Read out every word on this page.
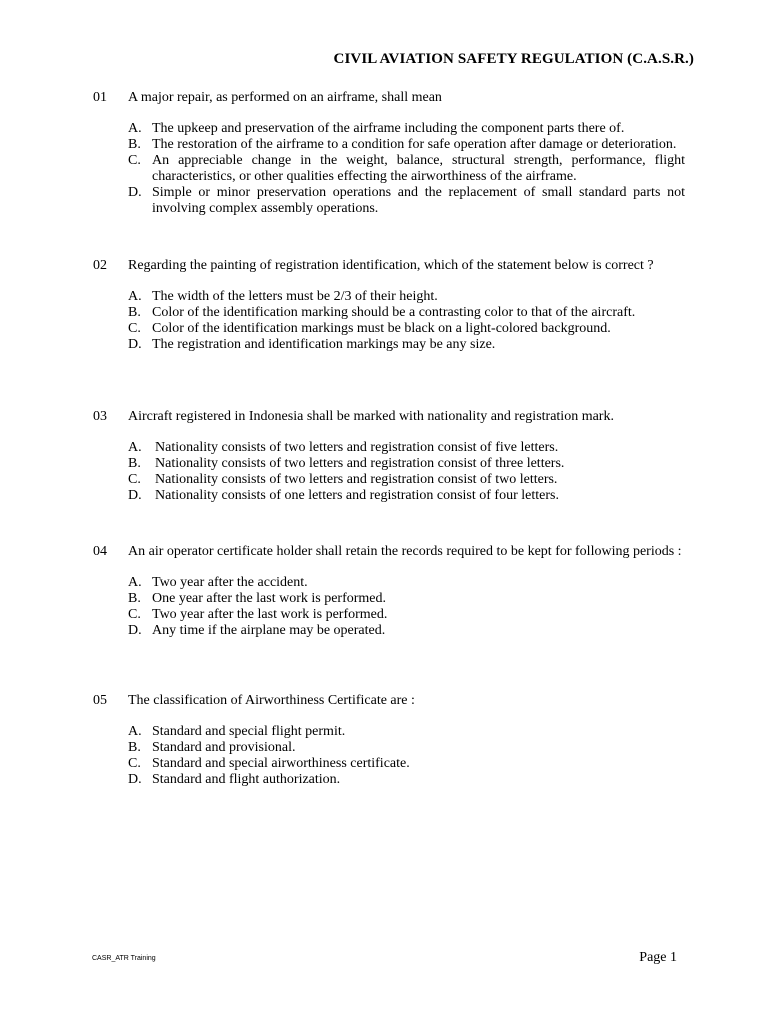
CIVIL AVIATION SAFETY REGULATION (C.A.S.R.)
01 A major repair, as performed on an airframe, shall mean
A. The upkeep and preservation of the airframe including the component parts there of.
B. The restoration of the airframe to a condition for safe operation after damage or deterioration.
C. An appreciable change in the weight, balance, structural strength, performance, flight characteristics, or other qualities effecting the airworthiness of the airframe.
D. Simple or minor preservation operations and the replacement of small standard parts not involving complex assembly operations.
02 Regarding the painting of registration identification, which of the statement below is correct ?
A. The width of the letters must be 2/3 of their height.
B. Color of the identification marking should be a contrasting color to that of the aircraft.
C. Color of the identification markings must be black on a light-colored background.
D. The registration and identification markings may be any size.
03 Aircraft registered in Indonesia shall be marked with nationality and registration mark.
A. Nationality consists of two letters and registration consist of five letters.
B. Nationality consists of two letters and registration consist of three letters.
C. Nationality consists of two letters and registration consist of two letters.
D. Nationality consists of one letters and registration consist of four letters.
04 An air operator certificate holder shall retain the records required to be kept for following periods :
A. Two year after the accident.
B. One year after the last work is performed.
C. Two year after the last work is performed.
D. Any time if the airplane may be operated.
05 The classification of Airworthiness Certificate are :
A. Standard and special flight permit.
B. Standard and provisional.
C. Standard and special airworthiness certificate.
D. Standard and flight authorization.
CASR_ATR Training	Page 1
